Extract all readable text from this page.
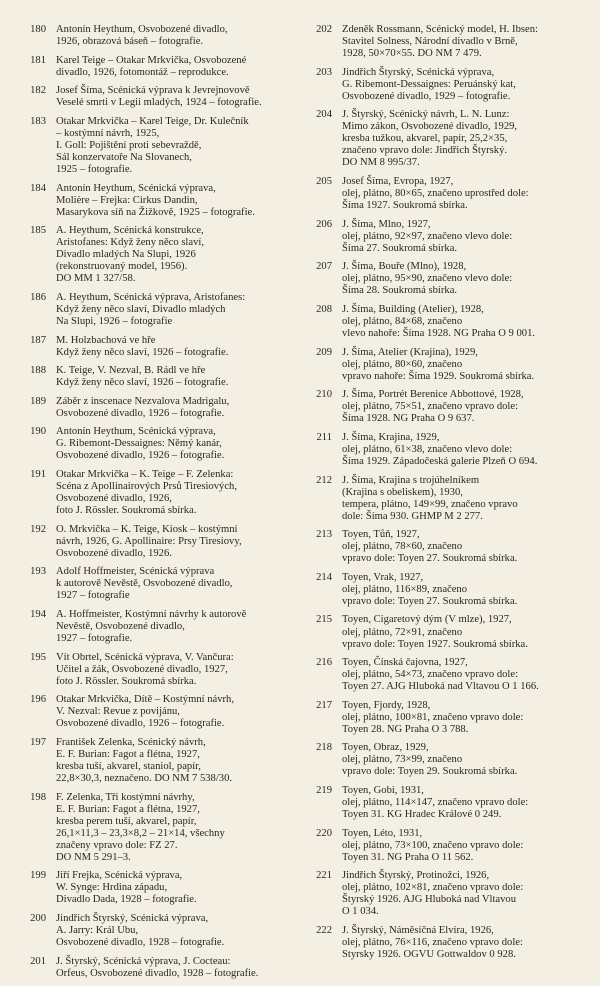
180 Antonín Heythum, Osvobozené divadlo,
1926, obrazová báseň – fotografie.
181 Karel Teige – Otakar Mrkvička, Osvobozené
divadlo, 1926, fotomontáž – reprodukce.
182 Josef Šíma, Scénická výprava k Jevrejnovově
Veselé smrti v Legii mladých, 1924 – fotografie.
183 Otakar Mrkvička – Karel Teige, Dr. Kulečník
– kostýmní návrh, 1925,
I. Goll: Pojištění proti sebevraždě,
Sál konzervatoře Na Slovanech,
1925 – fotografie.
184 Antonín Heythum, Scénická výprava,
Molière – Frejka: Cirkus Dandin,
Masarykova síň na Žižkově, 1925 – fotografie.
185 A. Heythum, Scénická konstrukce,
Aristofanes: Když ženy něco slaví,
Divadlo mladých Na Slupi, 1926
(rekonstruovaný model, 1956).
DO MM 1 327/58.
186 A. Heythum, Scénická výprava, Aristofanes:
Když ženy něco slaví, Divadlo mladých
Na Slupi, 1926 – fotografie
187 M. Holzbachová ve hře
Když ženy něco slaví, 1926 – fotografie.
188 K. Teige, V. Nezval, B. Rádl ve hře
Když ženy něco slaví, 1926 – fotografie.
189 Záběr z inscenace Nezvalova Madrigalu,
Osvobozené divadlo, 1926 – fotografie.
190 Antonín Heythum, Scénická výprava,
G. Ribemont-Dessaignes: Němý kanár,
Osvobozené divadlo, 1926 – fotografie.
191 Otakar Mrkvička – K. Teige – F. Zelenka:
Scéna z Apollinairových Prsů Tiresiových,
Osvobozené divadlo, 1926,
foto J. Rössler. Soukromá sbírka.
192 O. Mrkvička – K. Teige, Kiosk – kostýmní
návrh, 1926, G. Apollinaire: Prsy Tiresiovy,
Osvobozené divadlo, 1926.
193 Adolf Hoffmeister, Scénická výprava
k autorově Nevěstě, Osvobozené divadlo,
1927 – fotografie
194 A. Hoffmeister, Kostýmní návrhy k autorově
Nevěstě, Osvobozené divadlo,
1927 – fotografie.
195 Vít Obrtel, Scénická výprava, V. Vančura:
Učitel a žák, Osvobozené divadlo, 1927,
foto J. Rössler. Soukromá sbírka.
196 Otakar Mrkvička, Dítě – Kostýmní návrh,
V. Nezval: Revue z povijánu,
Osvobozené divadlo, 1926 – fotografie.
197 František Zelenka, Scénický návrh,
E. F. Burian: Fagot a flétna, 1927,
kresba tuší, akvarel, staniol, papír,
22,8×30,3, neznačeno. DO NM 7 538/30.
198 F. Zelenka, Tři kostýmní návrhy,
E. F. Burian: Fagot a flétna, 1927,
kresba perem tuší, akvarel, papír,
26,1×11,3 – 23,3×8,2 – 21×14, všechny
značeny vpravo dole: FZ 27.
DO NM 5 291–3.
199 Jiří Frejka, Scénická výprava,
W. Synge: Hrdina západu,
Divadlo Dada, 1928 – fotografie.
200 Jindřich Štyrský, Scénická výprava,
A. Jarry: Král Ubu,
Osvobozené divadlo, 1928 – fotografie.
201 J. Štyrský, Scénická výprava, J. Cocteau:
Orfeus, Osvobozené divadlo, 1928 – fotografie.
202 Zdeněk Rossmann, Scénický model, H. Ibsen:
Stavitel Solness, Národní divadlo v Brně,
1928, 50×70×55. DO NM 7 479.
203 Jindřich Štyrský, Scénická výprava,
G. Ribemont-Dessaignes: Peruánský kat,
Osvobozené divadlo, 1929 – fotografie.
204 J. Štyrský, Scénický návrh, L. N. Lunz:
Mimo zákon, Osvobozené divadlo, 1929,
kresba tužkou, akvarel, papír, 25,2×35,
značeno vpravo dole: Jindřich Štyrský.
DO NM 8 995/37.
205 Josef Šíma, Evropa, 1927,
olej, plátno, 80×65, značeno uprostřed dole:
Šíma 1927. Soukromá sbírka.
206 J. Šíma, Mlno, 1927,
olej, plátno, 92×97, značeno vlevo dole:
Šíma 27. Soukromá sbírka.
207 J. Šíma, Bouře (Mlno), 1928,
olej, plátno, 95×90, značeno vlevo dole:
Šíma 28. Soukromá sbírka.
208 J. Šíma, Building (Atelier), 1928,
olej, plátno, 84×68, značeno
vlevo nahoře: Šíma 1928. NG Praha O 9 001.
209 J. Šíma, Atelier (Krajina), 1929,
olej, plátno, 80×60, značeno
vpravo nahoře: Šíma 1929. Soukromá sbírka.
210 J. Šíma, Portrét Berenice Abbottové, 1928,
olej, plátno, 75×51, značeno vpravo dole:
Šíma 1928. NG Praha O 9 637.
211 J. Šíma, Krajina, 1929,
olej, plátno, 61×38, značeno vlevo dole:
Šíma 1929. Západočeská galerie Plzeň O 694.
212 J. Šíma, Krajina s trojúhelníkem
(Krajina s obeliskem), 1930,
tempera, plátno, 149×99, značeno vpravo
dole: Šíma 930. GHMP M 2 277.
213 Toyen, Tůň, 1927,
olej, plátno, 78×60, značeno
vpravo dole: Toyen 27. Soukromá sbírka.
214 Toyen, Vrak, 1927,
olej, plátno, 116×89, značeno
vpravo dole: Toyen 27. Soukromá sbírka.
215 Toyen, Cigaretový dým (V mlze), 1927,
olej, plátno, 72×91, značeno
vpravo dole: Toyen 1927. Soukromá sbírka.
216 Toyen, Čínská čajovna, 1927,
olej, plátno, 54×73, značeno vpravo dole:
Toyen 27. AJG Hluboká nad Vltavou O 1 166.
217 Toyen, Fjordy, 1928,
olej, plátno, 100×81, značeno vpravo dole:
Toyen 28. NG Praha O 3 788.
218 Toyen, Obraz, 1929,
olej, plátno, 73×99, značeno
vpravo dole: Toyen 29. Soukromá sbírka.
219 Toyen, Gobi, 1931,
olej, plátno, 114×147, značeno vpravo dole:
Toyen 31. KG Hradec Králové 0 249.
220 Toyen, Léto, 1931,
olej, plátno, 73×100, značeno vpravo dole:
Toyen 31. NG Praha O 11 562.
221 Jindřich Štyrský, Protinožci, 1926,
olej, plátno, 102×81, značeno vpravo dole:
Štyrský 1926. AJG Hluboká nad Vltavou
O 1 034.
222 J. Štyrský, Náměsíčná Elvíra, 1926,
olej, plátno, 76×116, značeno vpravo dole:
Styrsky 1926. OGVU Gottwaldov 0 928.
